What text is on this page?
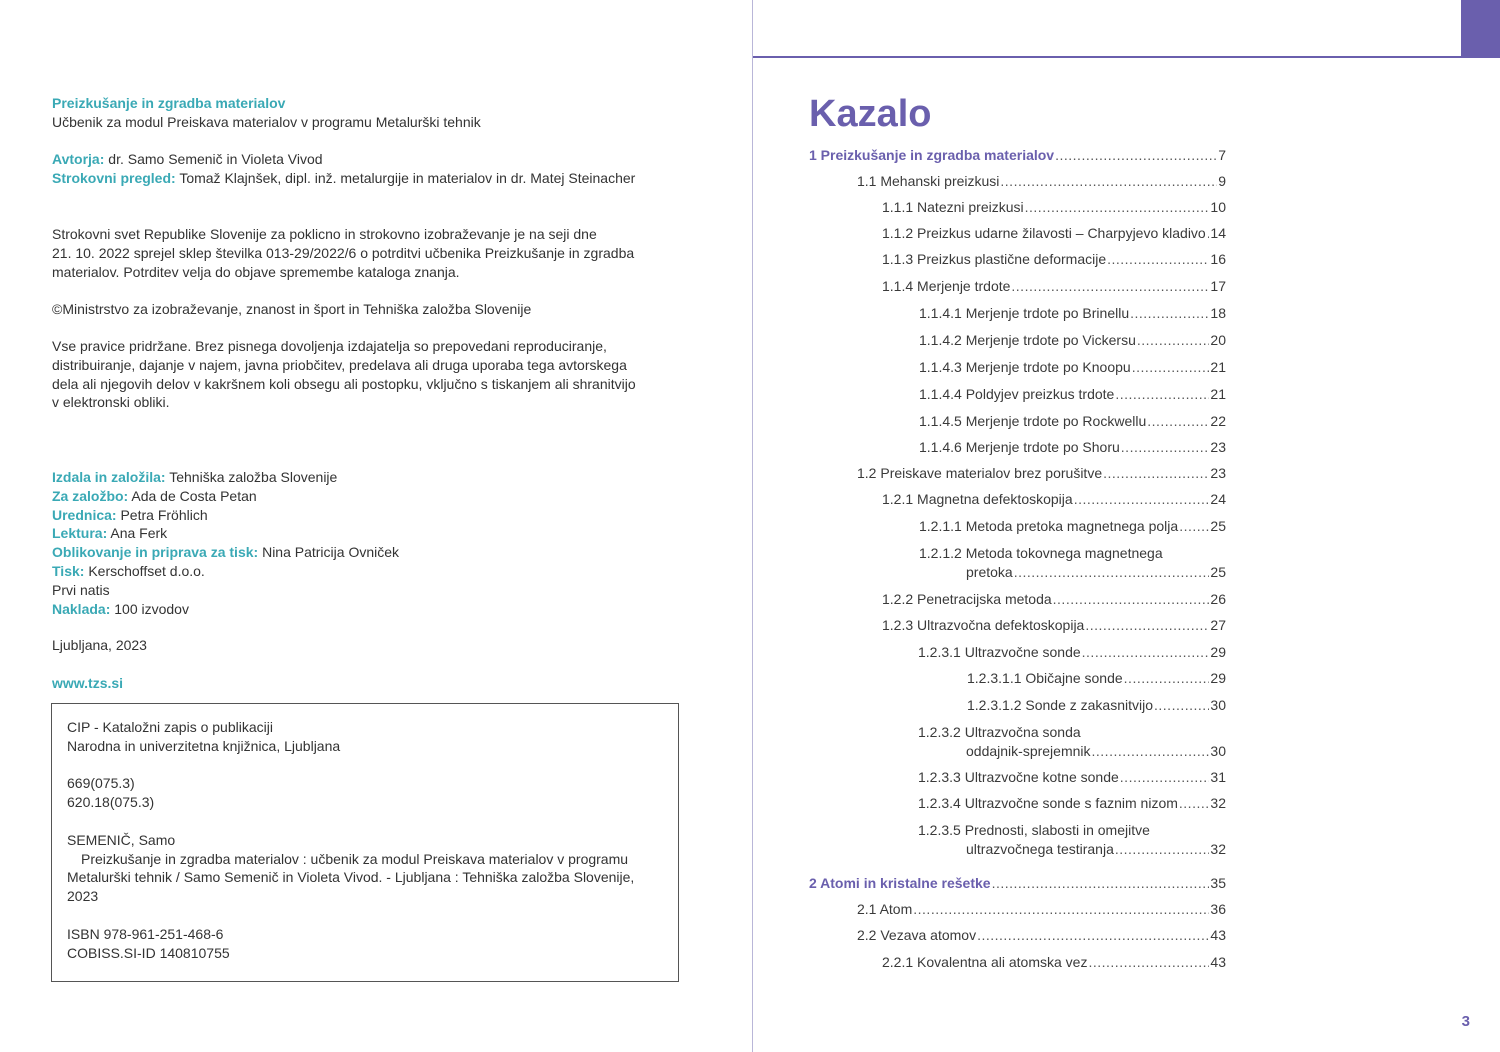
Preizkušanje in zgradba materialov

Učbenik za modul Preiskava materialov v programu Metalurški tehnik

Avtorja: dr. Samo Semenič in Violeta Vivod

Strokovni pregled: Tomaž Klajnšek, dipl. inž. metalurgije in materialov in dr. Matej Steinacher

Strokovni svet Republike Slovenije za poklicno in strokovno izobraževanje je na seji dne

21. 10. 2022 sprejel sklep številka 013-29/2022/6 o potrditvi učbenika Preizkušanje in zgradba

materialov. Potrditev velja do objave spremembe kataloga znanja.

©Ministrstvo za izobraževanje, znanost in šport in Tehniška založba Slovenije

Vse pravice pridržane. Brez pisnega dovoljenja izdajatelja so prepovedani reproduciranje,

distribuiranje, dajanje v najem, javna priobčitev, predelava ali druga uporaba tega avtorskega

dela ali njegovih delov v kakršnem koli obsegu ali postopku, vključno s tiskanjem ali shranitvijo

v elektronski obliki.

Izdala in založila: Tehniška založba Slovenije

Za založbo: Ada de Costa Petan

Urednica: Petra Fröhlich

Lektura: Ana Ferk

Oblikovanje in priprava za tisk: Nina Patricija Ovniček

Tisk: Kerschoffset d.o.o.

Prvi natis

Naklada: 100 izvodov

Ljubljana, 2023

www.tzs.si

CIP - Kataložni zapis o publikaciji

Narodna in univerzitetna knjižnica, Ljubljana

669(075.3)

620.18(075.3)

SEMENIČ, Samo

Preizkušanje in zgradba materialov : učbenik za modul Preiskava materialov v programu

Metalurški tehnik / Samo Semenič in Violeta Vivod. - Ljubljana : Tehniška založba Slovenije,

2023

ISBN 978-961-251-468-6

COBISS.SI-ID 140810755

Kazalo
1 Preizkušanje in zgradba materialov .....	7
1.1 Mehanski preizkusi .....	9
1.1.1 Natezni preizkusi .....	10
1.1.2 Preizkus udarne žilavosti – Charpyjevo kladivo ..... 14
1.1.3 Preizkus plastične deformacije .....	16
1.1.4 Merjenje trdote .....	17
1.1.4.1 Merjenje trdote po Brinellu .....	18
1.1.4.2 Merjenje trdote po Vickersu .....	20
1.1.4.3 Merjenje trdote po Knoopu .....	21
1.1.4.4 Poldyjev preizkus trdote .....	21
1.1.4.5 Merjenje trdote po Rockwellu .....	22
1.1.4.6 Merjenje trdote po Shoru .....	23
1.2 Preiskave materialov brez porušitve .....	23
1.2.1 Magnetna defektoskopija .....	24
1.2.1.1 Metoda pretoka magnetnega polja ..... 25
1.2.1.2 Metoda tokovnega magnetnega
pretoka .....	25
1.2.2 Penetracijska metoda .....	26
1.2.3 Ultrazvočna defektoskopija .....	27
1.2.3.1 Ultrazvočne sonde .....	29
1.2.3.1.1 Običajne sonde .....	29
1.2.3.1.2 Sonde z zakasnitvijo .....	30
1.2.3.2 Ultrazvočna sonda
oddajnik-sprejemnik .....	30
1.2.3.3 Ultrazvočne kotne sonde .....	31
1.2.3.4 Ultrazvočne sonde s faznim nizom ..... 32
1.2.3.5 Prednosti, slabosti in omejitve
ultrazvočnega testiranja .....	32
2 Atomi in kristalne rešetke .....	35
2.1 Atom .....	36
2.2 Vezava atomov .....	43
2.2.1 Kovalentna ali atomska vez .....	43
3
